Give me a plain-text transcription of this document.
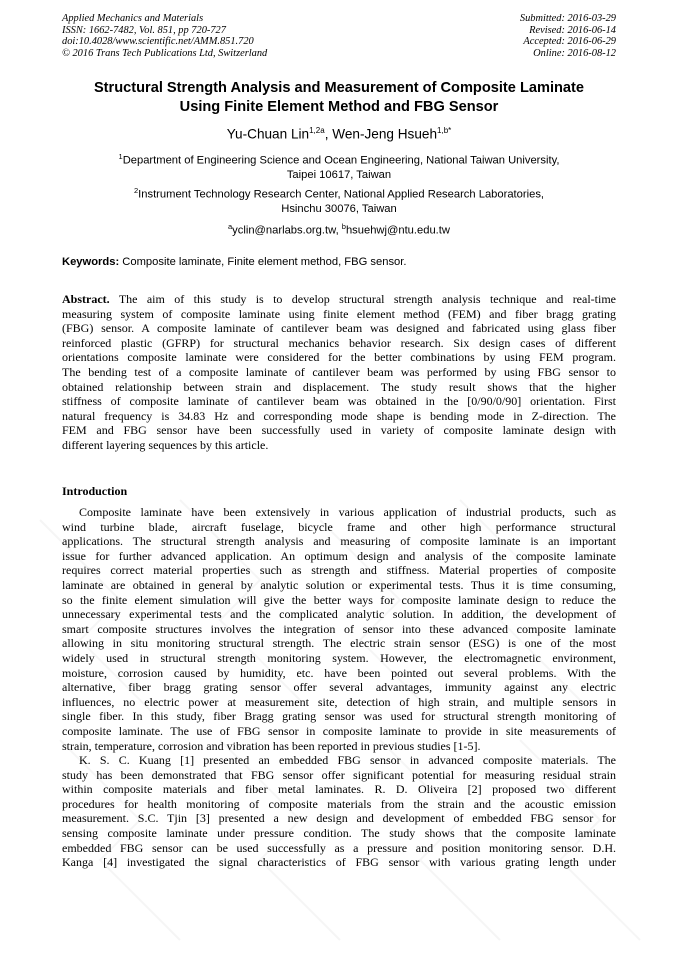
Applied Mechanics and Materials
ISSN: 1662-7482, Vol. 851, pp 720-727
doi:10.4028/www.scientific.net/AMM.851.720
© 2016 Trans Tech Publications Ltd, Switzerland
Submitted: 2016-03-29
Revised: 2016-06-14
Accepted: 2016-06-29
Online: 2016-08-12
Structural Strength Analysis and Measurement of Composite Laminate
Using Finite Element Method and FBG Sensor
Yu-Chuan Lin$^{1,2a}$, Wen-Jeng Hsueh$^{1,b*}$
$^1$Department of Engineering Science and Ocean Engineering, National Taiwan University,
Taipei 10617, Taiwan
$^2$Instrument Technology Research Center, National Applied Research Laboratories,
Hsinchu 30076, Taiwan
$^a$yclin@narlabs.org.tw, $^b$hsuehwj@ntu.edu.tw
Keywords: Composite laminate, Finite element method, FBG sensor.
Abstract. The aim of this study is to develop structural strength analysis technique and real-time
measuring system of composite laminate using finite element method (FEM) and fiber bragg grating
(FBG) sensor. A composite laminate of cantilever beam was designed and fabricated using glass fiber
reinforced plastic (GFRP) for structural mechanics behavior research. Six design cases of different
orientations composite laminate were considered for the better combinations by using FEM program.
The bending test of a composite laminate of cantilever beam was performed by using FBG sensor to
obtained relationship between strain and displacement. The study result shows that the higher
stiffness of composite laminate of cantilever beam was obtained in the [0/90/0/90] orientation. First
natural frequency is 34.83 Hz and corresponding mode shape is bending mode in Z-direction. The
FEM and FBG sensor have been successfully used in variety of composite laminate design with
different layering sequences by this article.
Introduction
Composite laminate have been extensively in various application of industrial products, such as
wind turbine blade, aircraft fuselage, bicycle frame and other high performance structural
applications. The structural strength analysis and measuring of composite laminate is an important
issue for further advanced application. An optimum design and analysis of the composite laminate
requires correct material properties such as strength and stiffness. Material properties of composite
laminate are obtained in general by analytic solution or experimental tests. Thus it is time consuming,
so the finite element simulation will give the better ways for composite laminate design to reduce the
unnecessary experimental tests and the complicated analytic solution. In addition, the development of
smart composite structures involves the integration of sensor into these advanced composite laminate
allowing in situ monitoring structural strength. The electric strain sensor (ESG) is one of the most
widely used in structural strength monitoring system. However, the electromagnetic environment,
moisture, corrosion caused by humidity, etc. have been pointed out several problems. With the
alternative, fiber bragg grating sensor offer several advantages, immunity against any electric
influences, no electric power at measurement site, detection of high strain, and multiple sensors in
single fiber. In this study, fiber Bragg grating sensor was used for structural strength monitoring of
composite laminate. The use of FBG sensor in composite laminate to provide in site measurements of
strain, temperature, corrosion and vibration has been reported in previous studies [1-5].
K. S. C. Kuang [1] presented an embedded FBG sensor in advanced composite materials. The
study has been demonstrated that FBG sensor offer significant potential for measuring residual strain
within composite materials and fiber metal laminates. R. D. Oliveira [2] proposed two different
procedures for health monitoring of composite materials from the strain and the acoustic emission
measurement. S.C. Tjin [3] presented a new design and development of embedded FBG sensor for
sensing composite laminate under pressure condition. The study shows that the composite laminate
embedded FBG sensor can be used successfully as a pressure and position monitoring sensor. D.H.
Kanga [4] investigated the signal characteristics of FBG sensor with various grating length under
